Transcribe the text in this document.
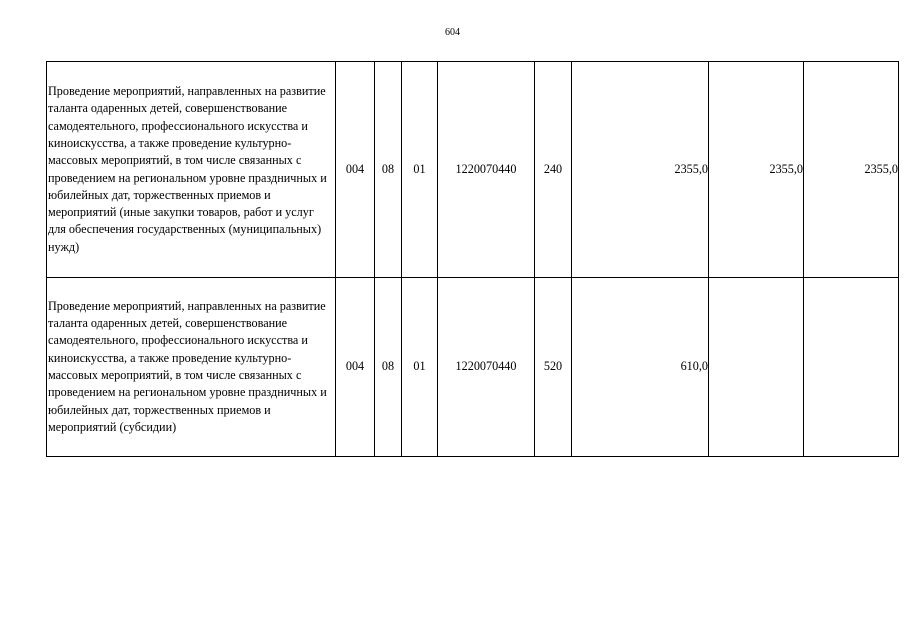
604
Проведение мероприятий, направленных на развитие таланта одаренных детей, совершенствование самодеятельного, профессионального искусства и киноискусства, а также проведение культурно-массовых мероприятий, в том числе связанных с проведением на региональном уровне праздничных и юбилейных дат, торжественных приемов и мероприятий (иные закупки товаров, работ и услуг для обеспечения государственных (муниципальных) нужд)	004	08	01	1220070440	240	2355,0	2355,0	2355,0
Проведение мероприятий, направленных на развитие таланта одаренных детей, совершенствование самодеятельного, профессионального искусства и киноискусства, а также проведение культурно-массовых мероприятий, в том числе связанных с проведением на региональном уровне праздничных и юбилейных дат, торжественных приемов и мероприятий (субсидии)	004	08	01	1220070440	520	610,0		
